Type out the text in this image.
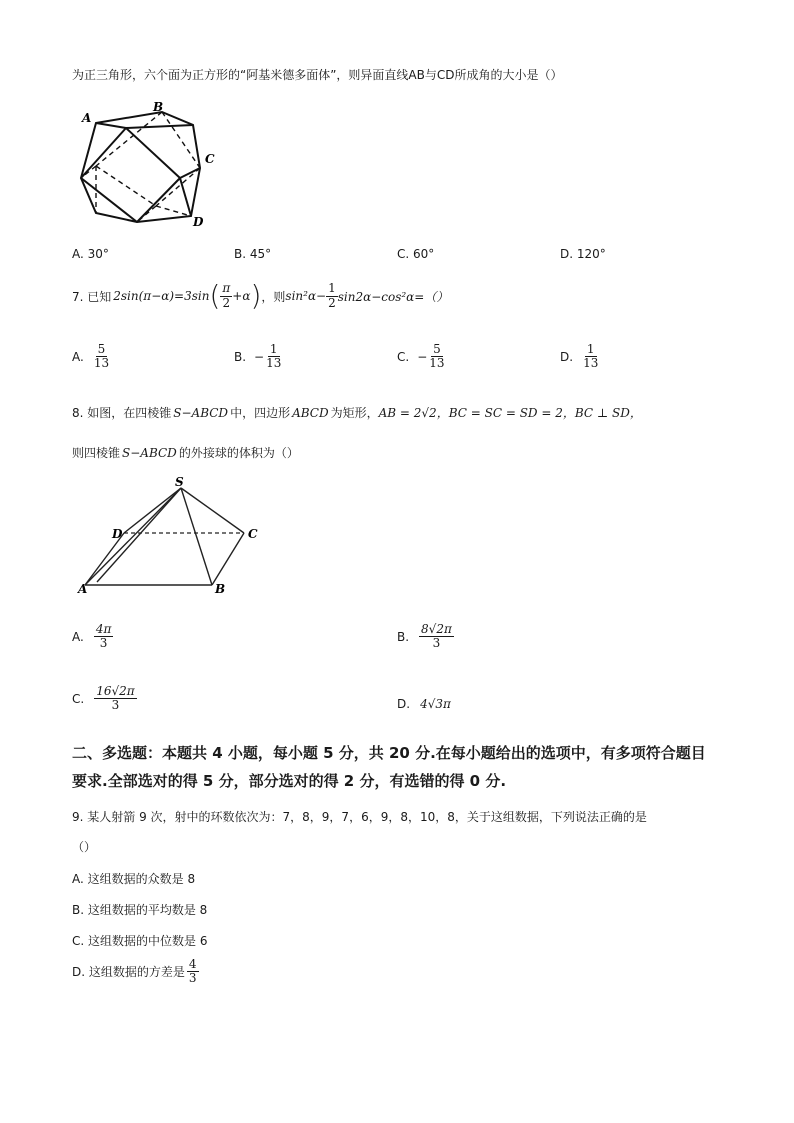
为正三角形，六个面为正方形的“阿基米德多面体”，则异面直线AB与CD所成角的大小是（）
A
B
C
D
A. 30°	B. 45°	C. 60°	D. 120°
7. 已知 2sin(π−α)=3sin ( $\frac{\pi}{2} +\alpha$ ) ，则 $\sin^2\alpha- \frac{1}{2} \sin 2\alpha-\cos^2\alpha=()$
A. $\frac{5}{13}$	B. − $\frac{1}{13}$	C. − $\frac{5}{13}$	D. $\frac{1}{13}$
8. 如图，在四棱锥 S−ABCD 中，四边形 ABCD 为矩形，AB = 2√2，BC = SC = SD = 2，BC ⊥ SD，
则四棱锥 S−ABCD 的外接球的体积为（）
S
D	C
A	B
A. $\frac{4\pi}{3}$	B. $\frac{8√2\pi}{3}$
C. $\frac{16√2\pi}{3}$	D. 4√3π
二、多选题：本题共 4 小题，每小题 5 分，共 20 分.在每小题给出的选项中，有多项符合题目
要求.全部选对的得 5 分，部分选对的得 2 分，有选错的得 0 分.
9. 某人射箭 9 次，射中的环数依次为：7，8，9，7，6，9，8，10，8，关于这组数据，下列说法正确的是
（）
A. 这组数据的众数是 8
B. 这组数据的平均数是 8
C. 这组数据的中位数是 6
D. 这组数据的方差是 $\frac{4}{3}$
